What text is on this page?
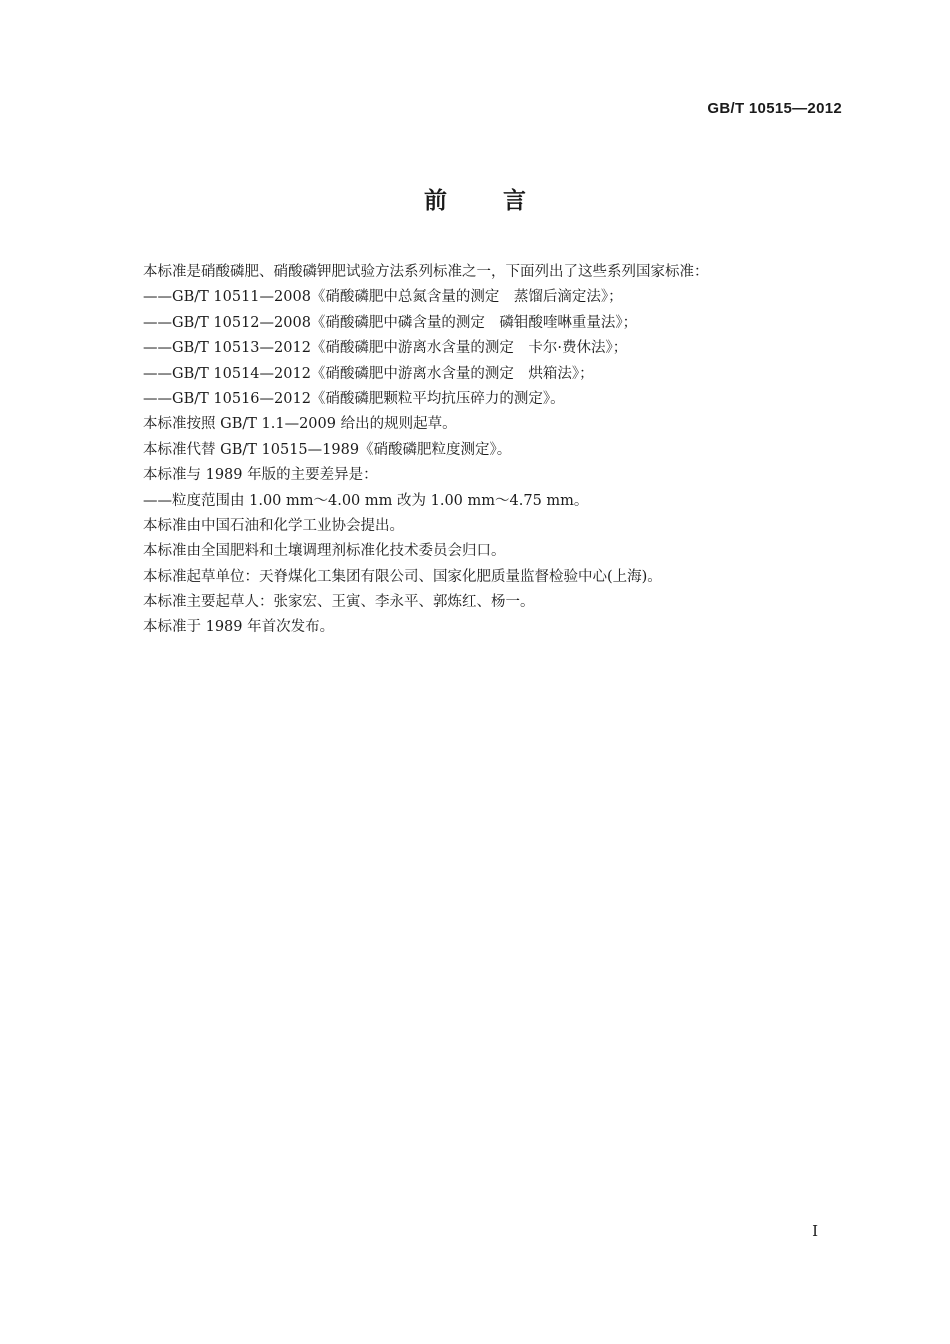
GB/T 10515—2012
前言
本标准是硝酸磷肥、硝酸磷钾肥试验方法系列标准之一，下面列出了这些系列国家标准：
——GB/T 10511—2008《硝酸磷肥中总氮含量的测定　蒸馏后滴定法》；
——GB/T 10512—2008《硝酸磷肥中磷含量的测定　磷钼酸喹啉重量法》；
——GB/T 10513—2012《硝酸磷肥中游离水含量的测定　卡尔·费休法》；
——GB/T 10514—2012《硝酸磷肥中游离水含量的测定　烘箱法》；
——GB/T 10516—2012《硝酸磷肥颗粒平均抗压碎力的测定》。
本标准按照 GB/T 1.1—2009 给出的规则起草。
本标准代替 GB/T 10515—1989《硝酸磷肥粒度测定》。
本标准与 1989 年版的主要差异是：
——粒度范围由 1.00 mm～4.00 mm 改为 1.00 mm～4.75 mm。
本标准由中国石油和化学工业协会提出。
本标准由全国肥料和土壤调理剂标准化技术委员会归口。
本标准起草单位：天脊煤化工集团有限公司、国家化肥质量监督检验中心(上海)。
本标准主要起草人：张家宏、王寅、李永平、郭炼红、杨一。
本标准于 1989 年首次发布。
I
